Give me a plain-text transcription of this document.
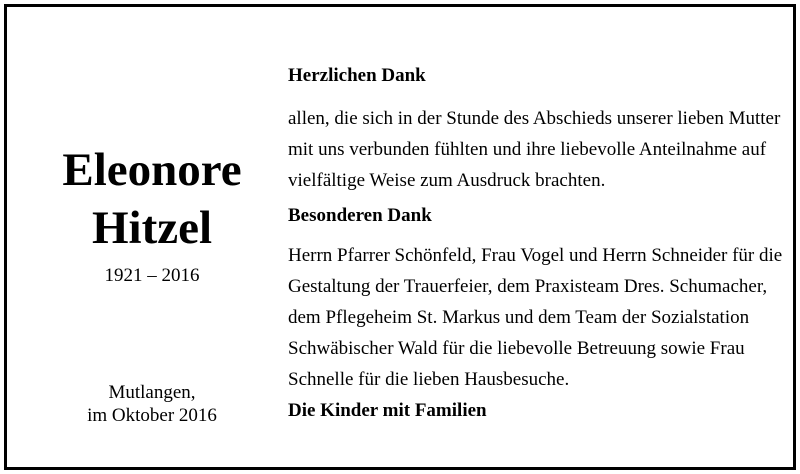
Eleonore
Hitzel
1921 – 2016
Mutlangen,
im Oktober 2016
Herzlichen Dank
allen, die sich in der Stunde des Abschieds unserer lieben Mutter
mit uns verbunden fühlten und ihre liebevolle Anteilnahme auf
vielfältige Weise zum Ausdruck brachten.
Besonderen Dank
Herrn Pfarrer Schönfeld, Frau Vogel und Herrn Schneider für die
Gestaltung der Trauerfeier, dem Praxisteam Dres. Schumacher,
dem Pflegeheim St. Markus und dem Team der Sozialstation
Schwäbischer Wald für die liebevolle Betreuung sowie Frau
Schnelle für die lieben Hausbesuche.
Die Kinder mit Familien
